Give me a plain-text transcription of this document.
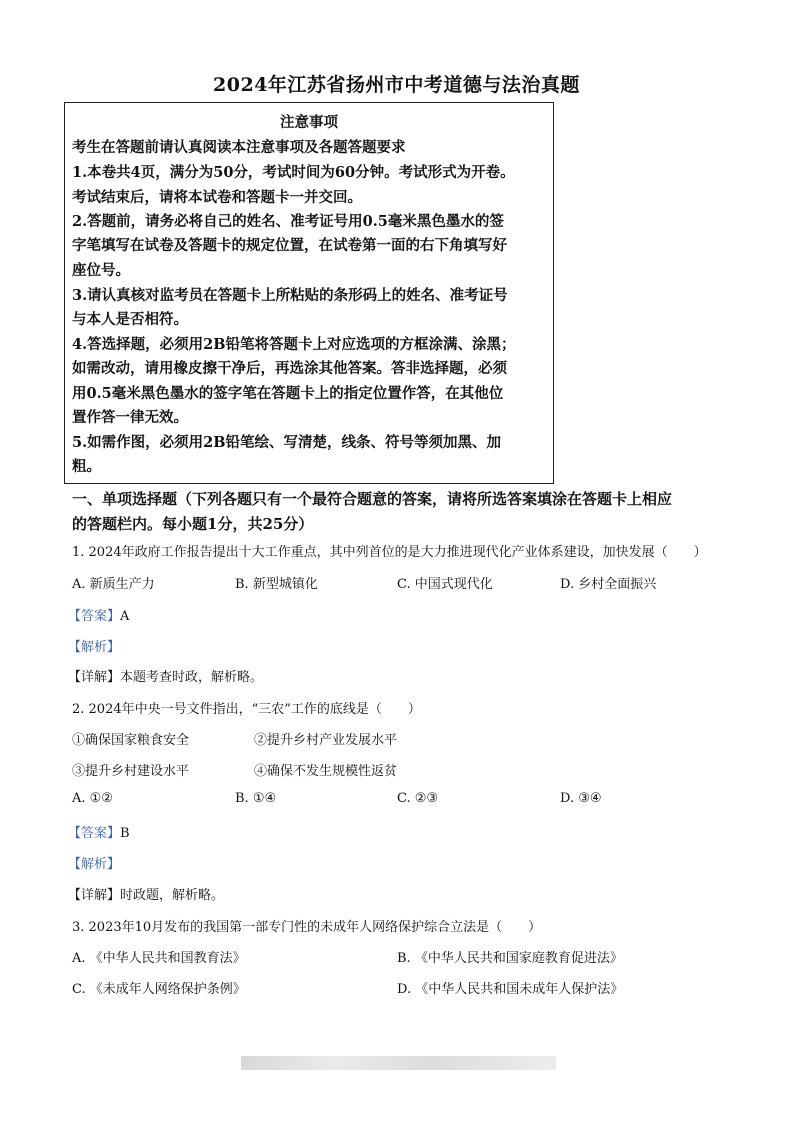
2024年江苏省扬州市中考道德与法治真题
注意事项
考生在答题前请认真阅读本注意事项及各题答题要求
1.本卷共4页，满分为50分，考试时间为60分钟。考试形式为开卷。
考试结束后，请将本试卷和答题卡一并交回。
2.答题前，请务必将自己的姓名、准考证号用0.5毫米黑色墨水的签
字笔填写在试卷及答题卡的规定位置，在试卷第一面的右下角填写好
座位号。
3.请认真核对监考员在答题卡上所粘贴的条形码上的姓名、准考证号
与本人是否相符。
4.答选择题，必须用2B铅笔将答题卡上对应选项的方框涂满、涂黑；
如需改动，请用橡皮擦干净后，再选涂其他答案。答非选择题，必须
用0.5毫米黑色墨水的签字笔在答题卡上的指定位置作答，在其他位
置作答一律无效。
5.如需作图，必须用2B铅笔绘、写清楚，线条、符号等须加黑、加
粗。
一、单项选择题（下列各题只有一个最符合题意的答案，请将所选答案填涂在答题卡上相应
的答题栏内。每小题1分，共25分）
1. 2024年政府工作报告提出十大工作重点，其中列首位的是大力推进现代化产业体系建设，加快发展（　　）
A. 新质生产力	B. 新型城镇化	C. 中国式现代化	D. 乡村全面振兴
【答案】A
【解析】
【详解】本题考查时政，解析略。
2. 2024年中央一号文件指出，“三农”工作的底线是（　　）
①确保国家粮食安全	②提升乡村产业发展水平
③提升乡村建设水平	④确保不发生规模性返贫
A. ①②	B. ①④	C. ②③	D. ③④
【答案】B
【解析】
【详解】时政题，解析略。
3. 2023年10月发布的我国第一部专门性的未成年人网络保护综合立法是（　　）
A. 《中华人民共和国教育法》	B. 《中华人民共和国家庭教育促进法》
C. 《未成年人网络保护条例》	D. 《中华人民共和国未成年人保护法》
